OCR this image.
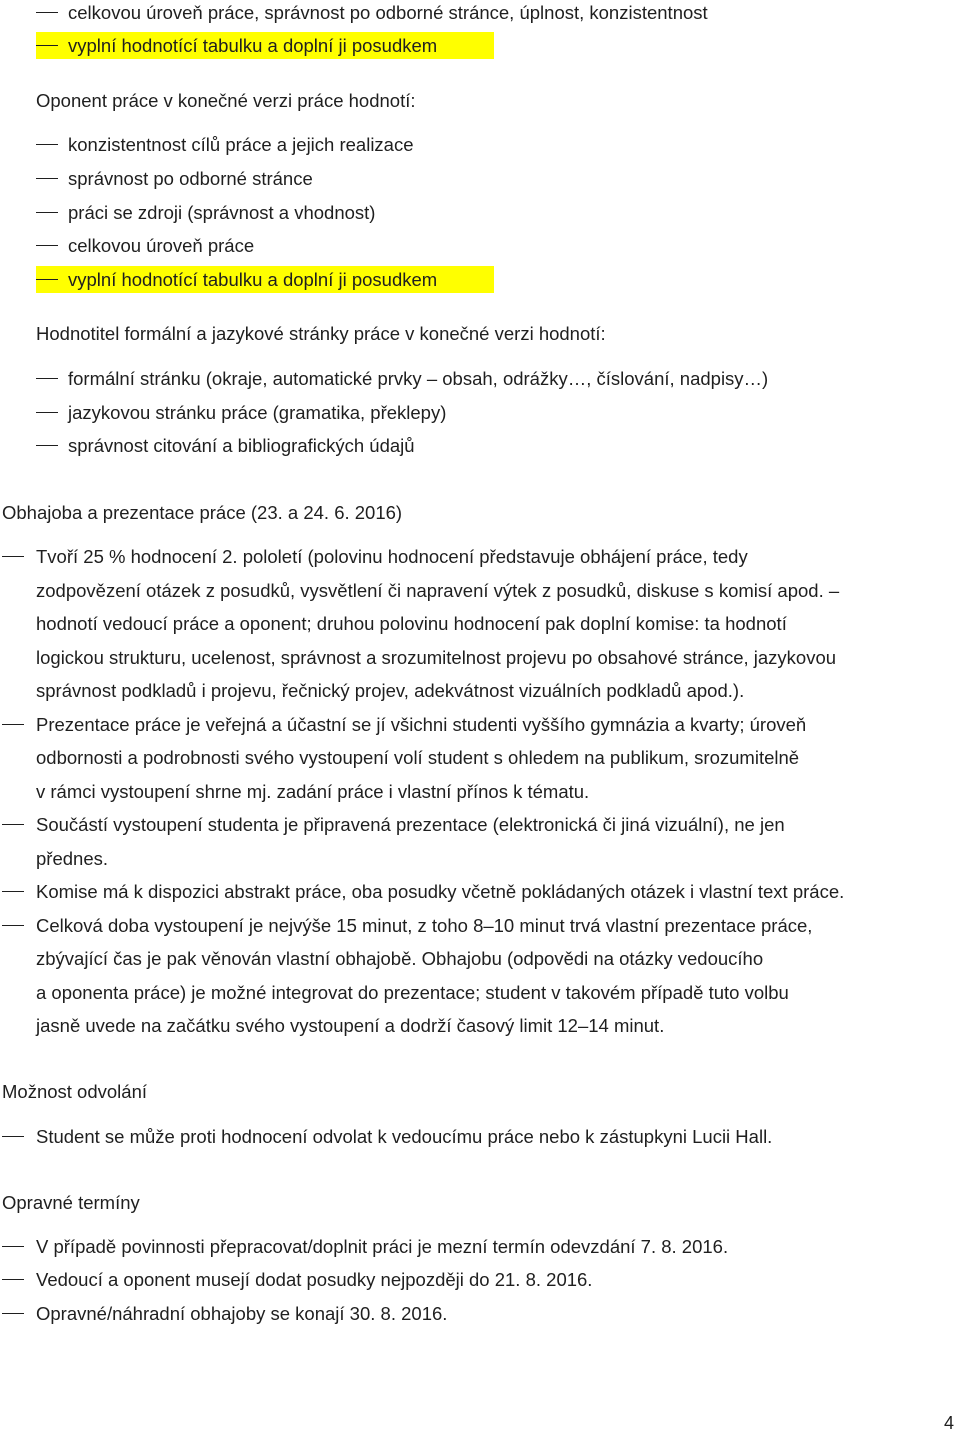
celkovou úroveň práce, správnost po odborné stránce, úplnost, konzistentnost
vyplní hodnotící tabulku a doplní ji posudkem
Oponent práce v konečné verzi práce hodnotí:
konzistentnost cílů práce a jejich realizace
správnost po odborné stránce
práci se zdroji (správnost a vhodnost)
celkovou úroveň práce
vyplní hodnotící tabulku a doplní ji posudkem
Hodnotitel formální a jazykové stránky práce v konečné verzi hodnotí:
formální stránku (okraje, automatické prvky – obsah, odrážky…, číslování, nadpisy…)
jazykovou stránku práce (gramatika, překlepy)
správnost citování a bibliografických údajů
Obhajoba a prezentace práce (23. a 24. 6. 2016)
Tvoří 25 % hodnocení 2. pololetí (polovinu hodnocení představuje obhájení práce, tedy
zodpovězení otázek z posudků, vysvětlení či napravení výtek z posudků, diskuse s komisí apod. –
hodnotí vedoucí práce a oponent; druhou polovinu hodnocení pak doplní komise: ta hodnotí
logickou strukturu, ucelenost, správnost a srozumitelnost projevu po obsahové stránce, jazykovou
správnost podkladů i projevu, řečnický projev, adekvátnost vizuálních podkladů apod.).
Prezentace práce je veřejná a účastní se jí všichni studenti vyššího gymnázia a kvarty; úroveň
odbornosti a podrobnosti svého vystoupení volí student s ohledem na publikum, srozumitelně
v rámci vystoupení shrne mj. zadání práce i vlastní přínos k tématu.
Součástí vystoupení studenta je připravená prezentace (elektronická či jiná vizuální), ne jen
přednes.
Komise má k dispozici abstrakt práce, oba posudky včetně pokládaných otázek i vlastní text práce.
Celková doba vystoupení je nejvýše 15 minut, z toho 8–10 minut trvá vlastní prezentace práce,
zbývající čas je pak věnován vlastní obhajobě. Obhajobu (odpovědi na otázky vedoucího
a oponenta práce) je možné integrovat do prezentace; student v takovém případě tuto volbu
jasně uvede na začátku svého vystoupení a dodrží časový limit 12–14 minut.
Možnost odvolání
Student se může proti hodnocení odvolat k vedoucímu práce nebo k zástupkyni Lucii Hall.
Opravné termíny
V případě povinnosti přepracovat/doplnit práci je mezní termín odevzdání 7. 8. 2016.
Vedoucí a oponent musejí dodat posudky nejpozději do 21. 8. 2016.
Opravné/náhradní obhajoby se konají 30. 8. 2016.
4
